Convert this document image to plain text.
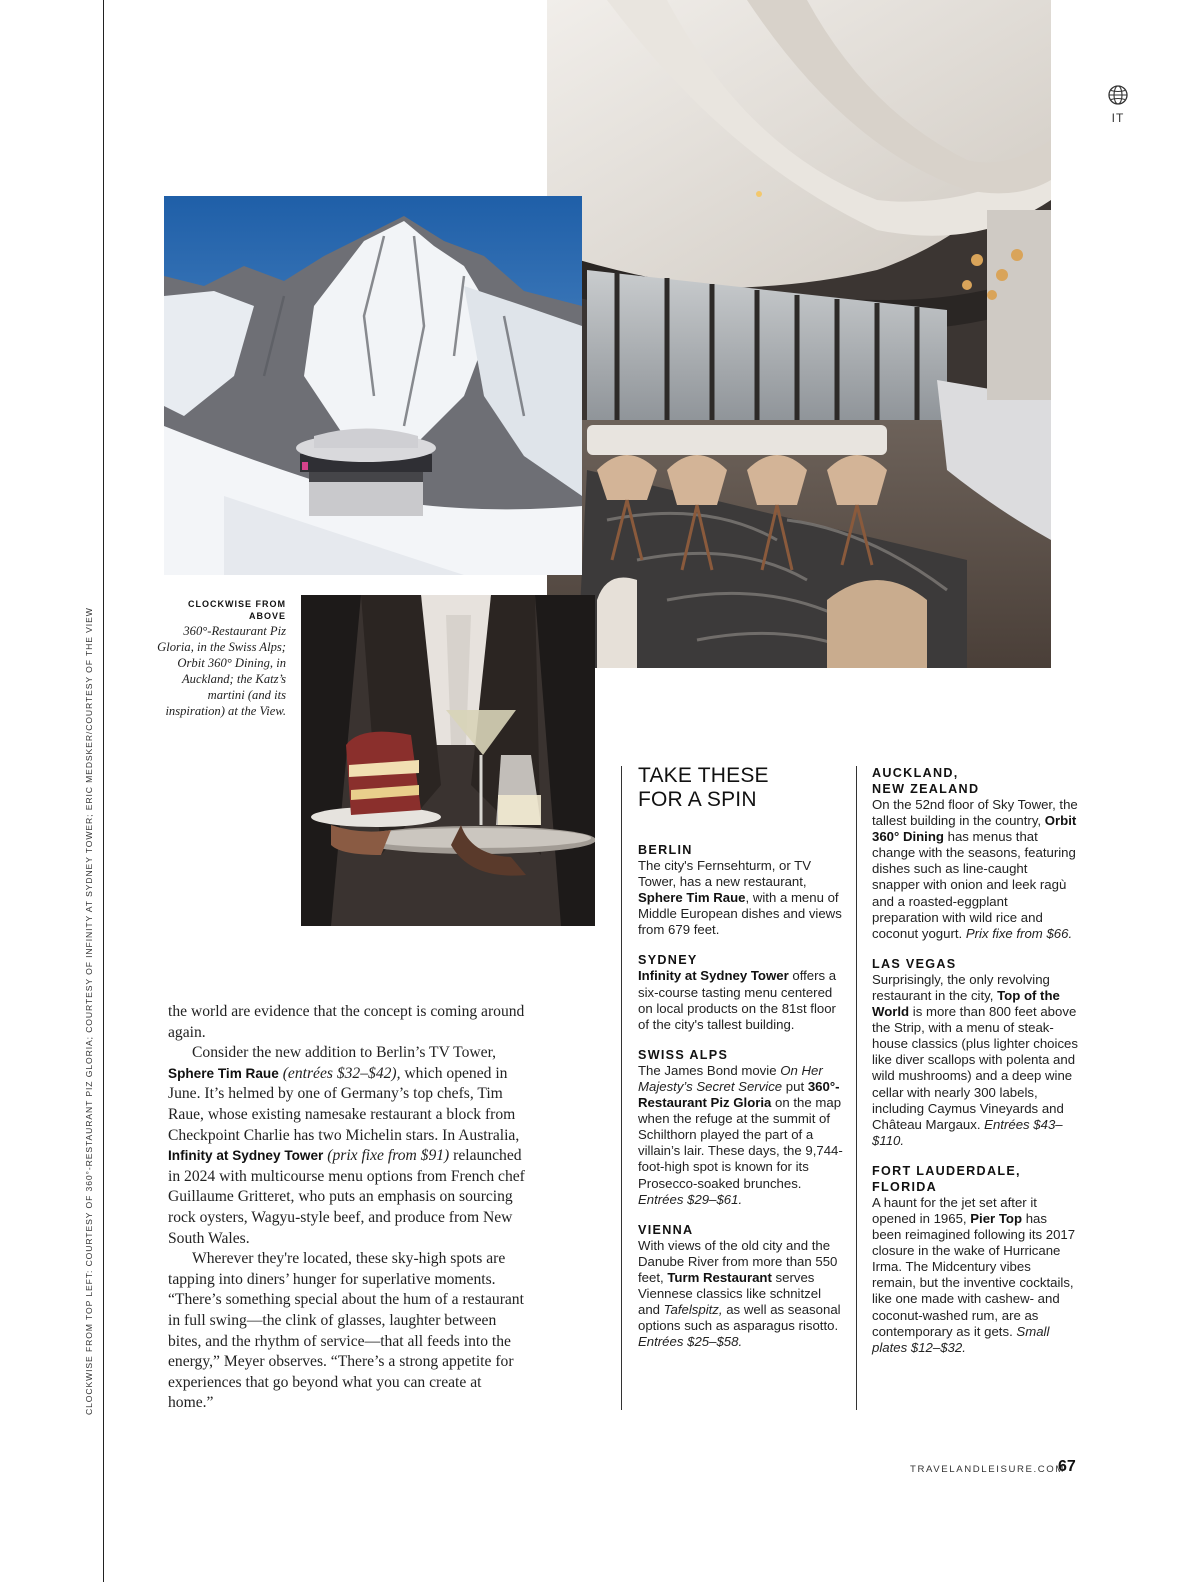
CLOCKWISE FROM TOP LEFT: COURTESY OF 360°-RESTAURANT PIZ GLORIA; COURTESY OF INFINITY AT SYDNEY TOWER; ERIC MEDSKER/COURTESY OF THE VIEW
IT
CLOCKWISE FROM ABOVE
360°-Restaurant Piz Gloria, in the Swiss Alps; Orbit 360° Dining, in Auckland; the Katz’s martini (and its inspiration) at the View.

the world are evidence that the concept is coming around again.

Consider the new addition to Berlin’s TV Tower, Sphere Tim Raue (entrées $32–$42), which opened in June. It’s helmed by one of Germany’s top chefs, Tim Raue, whose existing namesake restaurant a block from Checkpoint Charlie has two Michelin stars. In Australia, Infinity at Sydney Tower (prix fixe from $91) relaunched in 2024 with multicourse menu options from French chef Guillaume Gritteret, who puts an emphasis on sourcing rock oysters, Wagyu-style beef, and produce from New South Wales.

Wherever they're located, these sky-high spots are tapping into diners’ hunger for superlative moments. “There’s something special about the hum of a restaurant in full swing—the clink of glasses, laughter between bites, and the rhythm of service—that all feeds into the energy,” Meyer observes. “There’s a strong appetite for experiences that go beyond what you can create at home.”

TAKE THESE
FOR A SPIN

BERLIN

The city's Fernsehturm, or TV Tower, has a new restaurant, Sphere Tim Raue, with a menu of Middle European dishes and views from 679 feet.

SYDNEY

Infinity at Sydney Tower offers a six-course tasting menu centered on local products on the 81st floor of the city's tallest building.

SWISS ALPS

The James Bond movie On Her Majesty’s Secret Service put 360°-Restaurant Piz Gloria on the map when the refuge at the summit of Schilthorn played the part of a villain’s lair. These days, the 9,744-foot-high spot is known for its Prosecco-soaked brunches. Entrées $29–$61.

VIENNA

With views of the old city and the Danube River from more than 550 feet, Turm Restaurant serves Viennese classics like schnitzel and Tafelspitz, as well as seasonal options such as asparagus risotto. Entrées $25–$58.

AUCKLAND,
NEW ZEALAND

On the 52nd floor of Sky Tower, the tallest building in the country, Orbit 360° Dining has menus that change with the seasons, featuring dishes such as line-caught snapper with onion and leek ragù and a roasted-eggplant preparation with wild rice and coconut yogurt. Prix fixe from $66.

LAS VEGAS

Surprisingly, the only revolving restaurant in the city, Top of the World is more than 800 feet above the Strip, with a menu of steak-house classics (plus lighter choices like diver scallops with polenta and wild mushrooms) and a deep wine cellar with nearly 300 labels, including Caymus Vineyards and Château Margaux. Entrées $43–$110.

FORT LAUDERDALE,
FLORIDA

A haunt for the jet set after it opened in 1965, Pier Top has been reimagined following its 2017 closure in the wake of Hurricane Irma. The Midcentury vibes remain, but the inventive cocktails, like one made with cashew- and coconut-washed rum, are as contemporary as it gets. Small plates $12–$32.

TRAVELANDLEISURE.COM
67
